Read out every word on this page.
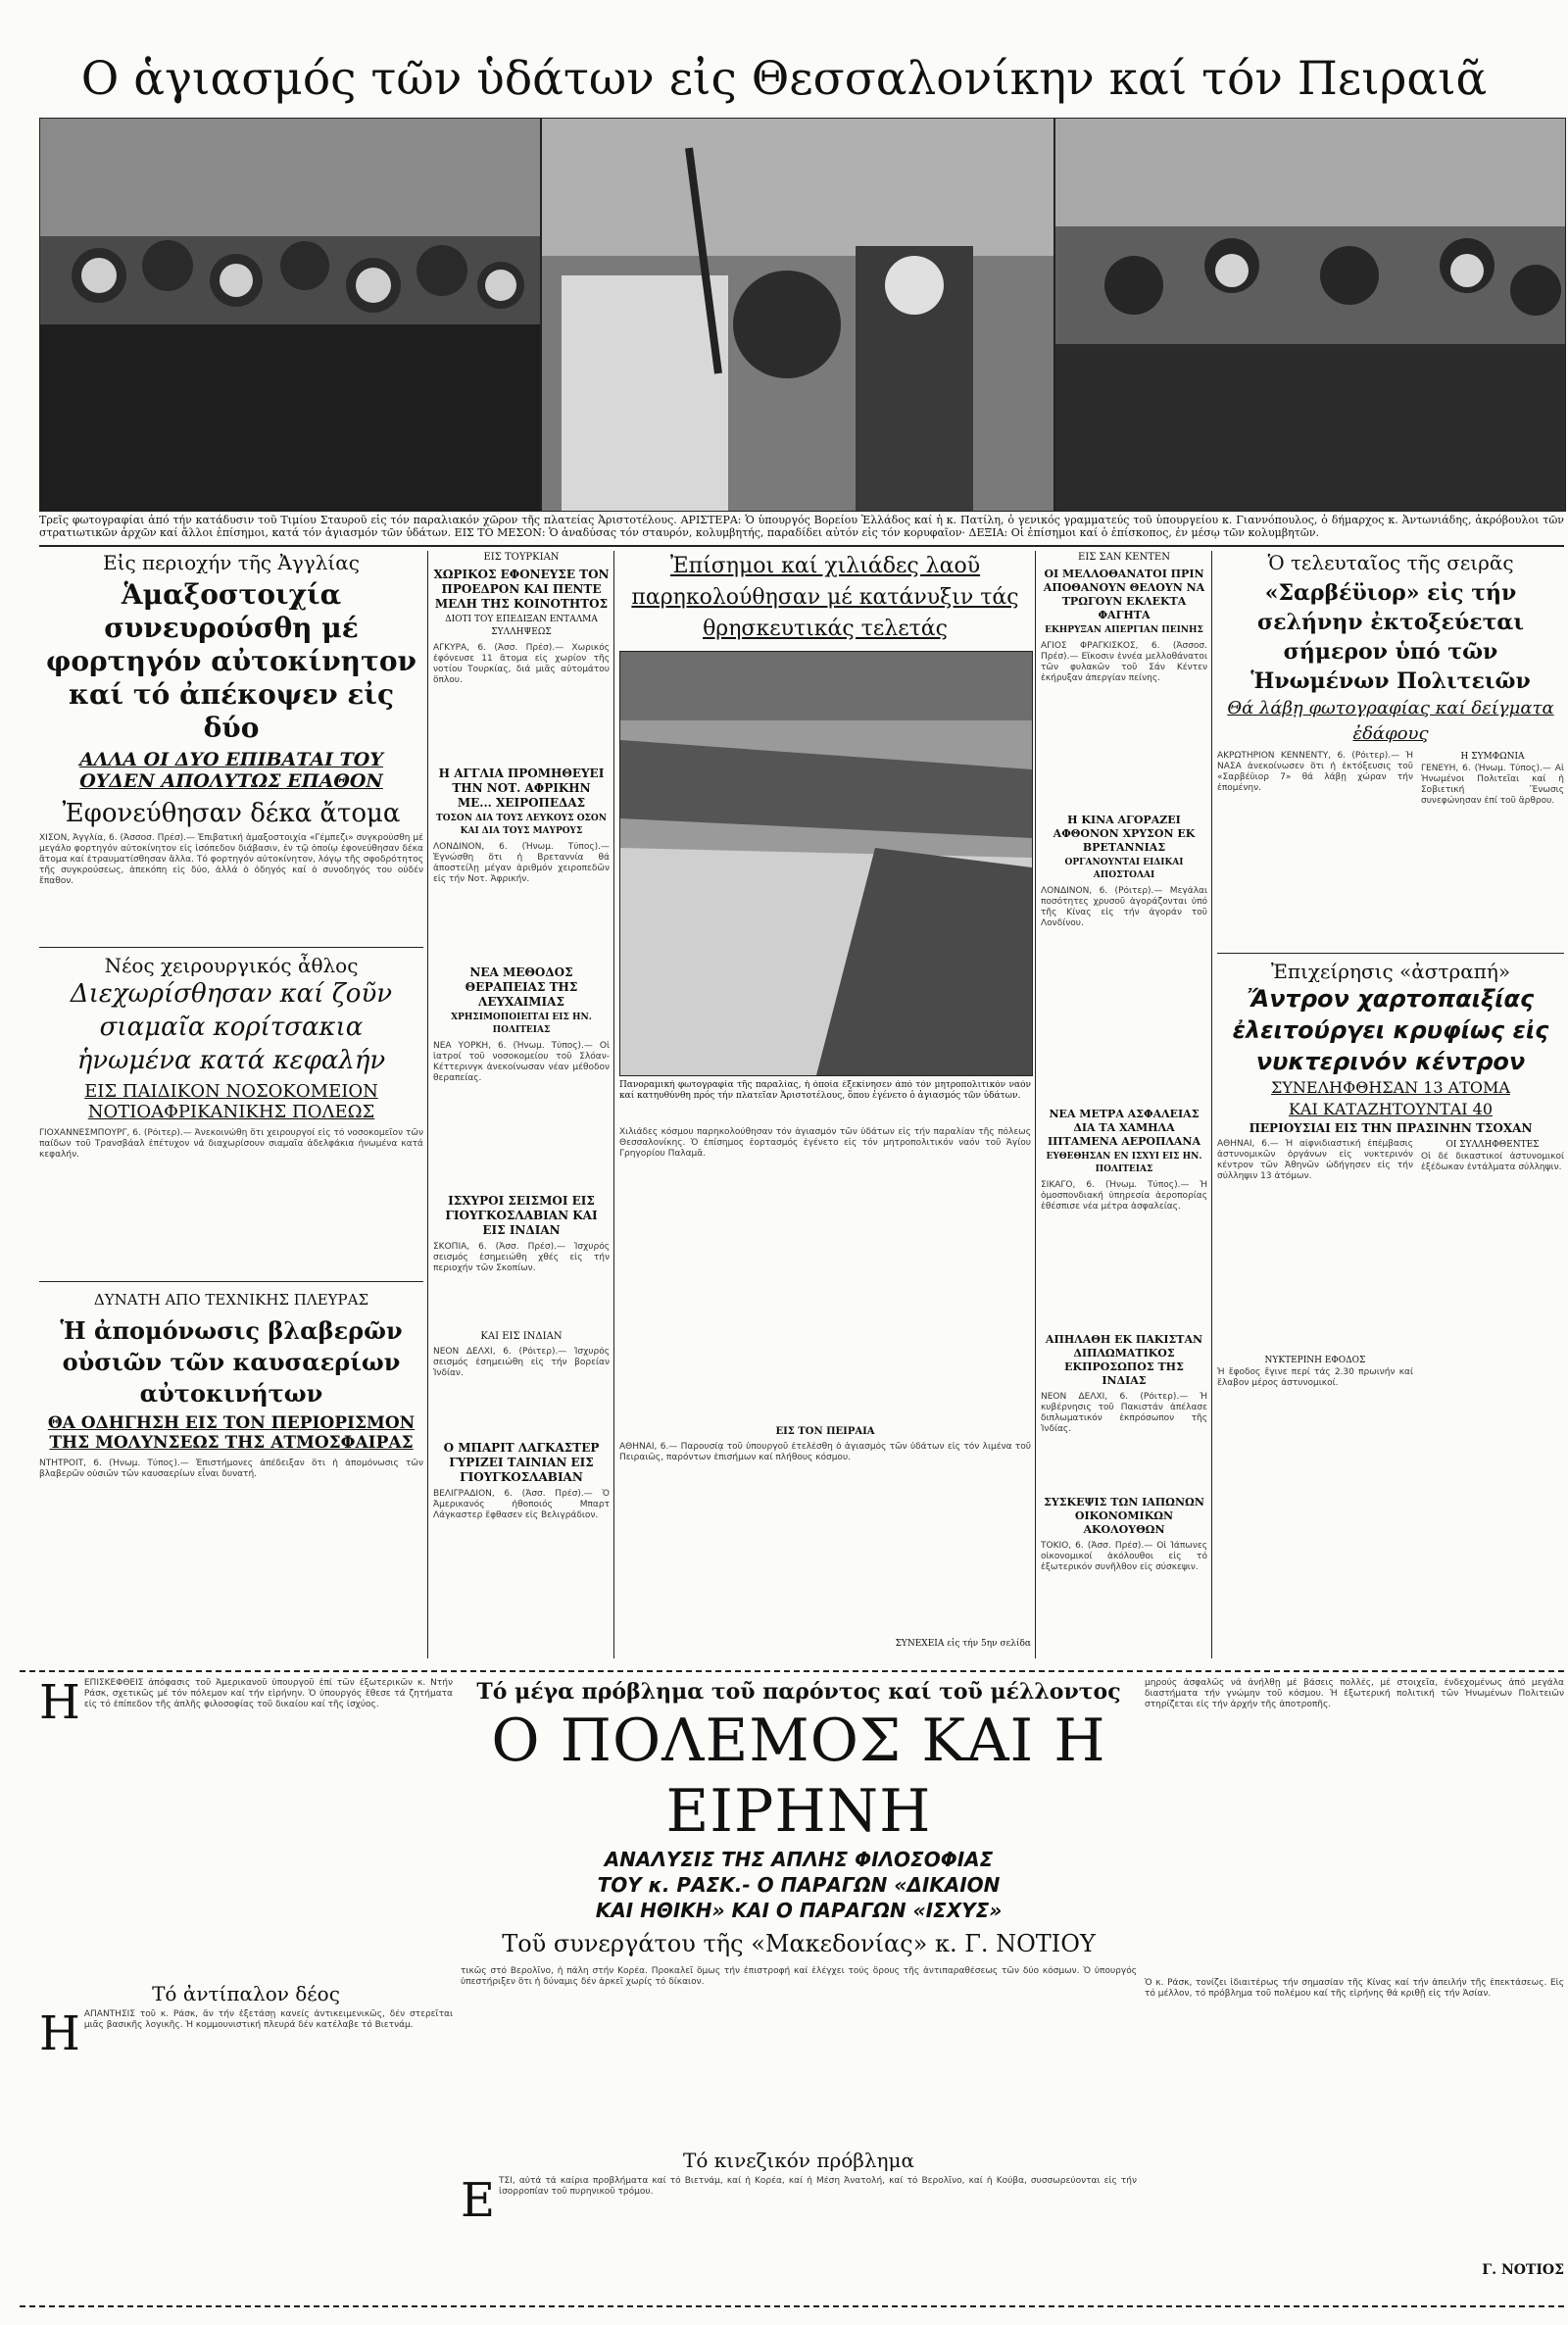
Ο ἁγιασμός τῶν ὑδάτων εἰς Θεσσαλονίκην καί τόν Πειραιᾶ
Τρεῖς φωτογραφίαι ἀπό τήν κατάδυσιν τοῦ Τιμίου Σταυροῦ εἰς τόν παραλιακόν χῶρον τῆς πλατείας Ἀριστοτέλους. ΑΡΙΣΤΕΡΑ: Ὁ ὑπουργός Βορείου Ἑλλάδος καί ἡ κ. Πατίλη, ὁ γενικός γραμματεύς τοῦ ὑπουργείου κ. Γιαννόπουλος, ὁ δήμαρχος κ. Ἀντωνιάδης, ἀκρόβουλοι τῶν στρατιωτικῶν ἀρχῶν καί ἄλλοι ἐπίσημοι, κατά τόν ἁγιασμόν τῶν ὑδάτων. ΕΙΣ ΤΟ ΜΕΣΟΝ: Ὁ ἀναδύσας τόν σταυρόν, κολυμβητής, παραδίδει αὐτόν εἰς τόν κορυφαῖον· ΔΕΞΙΑ: Οἱ ἐπίσημοι καί ὁ ἐπίσκοπος, ἐν μέσῳ τῶν κολυμβητῶν.
Εἰς περιοχήν τῆς Ἀγγλίας
Ἁμαξοστοιχία συνευρούσθη μέ φορτηγόν αὐτοκίνητον καί τό ἀπέκοψεν εἰς δύο
ΑΛΛΑ ΟΙ ΔΥΟ ΕΠΙΒΑΤΑΙ ΤΟΥ
ΟΥΔΕΝ ΑΠΟΛΥΤΩΣ ΕΠΑΘΟΝ
Ἐφονεύθησαν δέκα ἄτομα
ΧΙΣΟΝ, Ἀγγλία, 6. (Ἀσσοσ. Πρέσ).— Ἐπιβατική ἁμαξοστοιχία «Γέμπεζι» συγκρούσθη μέ μεγάλο φορτηγόν αὐτοκίνητον εἰς ἰσόπεδον διάβασιν, ἐν τῷ ὁποίῳ ἐφονεύθησαν δέκα ἄτομα καί ἐτραυματίσθησαν ἄλλα. Τό φορτηγόν αὐτοκίνητον, λόγῳ τῆς σφοδρότητος τῆς συγκρούσεως, ἀπεκόπη εἰς δύο, ἀλλά ὁ ὁδηγός καί ὁ συνοδηγός του οὐδέν ἔπαθον.
Νέος χειρουργικός ἆθλος
Διεχωρίσθησαν καί ζοῦν σιαμαῖα κορίτσακια ἡνωμένα κατά κεφαλήν
ΕΙΣ ΠΑΙΔΙΚΟΝ ΝΟΣΟΚΟΜΕΙΟΝ
ΝΟΤΙΟΑΦΡΙΚΑΝΙΚΗΣ ΠΟΛΕΩΣ
ΓΙΟΧΑΝΝΕΣΜΠΟΥΡΓ, 6. (Ρόιτερ).— Ἀνεκοινώθη ὅτι χειρουργοί εἰς τό νοσοκομεῖον τῶν παίδων τοῦ Τρανσβάαλ ἐπέτυχον νά διαχωρίσουν σιαμαῖα ἀδελφάκια ἡνωμένα κατά κεφαλήν.
ΔΥΝΑΤΗ ΑΠΟ ΤΕΧΝΙΚΗΣ ΠΛΕΥΡΑΣ
Ἡ ἀπομόνωσις βλαβερῶν οὐσιῶν τῶν καυσαερίων αὐτοκινήτων
ΘΑ ΟΔΗΓΗΣΗ ΕΙΣ ΤΟΝ ΠΕΡΙΟΡΙΣΜΟΝ
ΤΗΣ ΜΟΛΥΝΣΕΩΣ ΤΗΣ ΑΤΜΟΣΦΑΙΡΑΣ
ΝΤΗΤΡΟΙΤ, 6. (Ἡνωμ. Τύπος).— Ἐπιστήμονες ἀπέδειξαν ὅτι ἡ ἀπομόνωσις τῶν βλαβερῶν οὐσιῶν τῶν καυσαερίων εἶναι δυνατή.
ΕΙΣ ΤΟΥΡΚΙΑΝ
ΧΩΡΙΚΟΣ ΕΦΟΝΕΥΣΕ ΤΟΝ ΠΡΟΕΔΡΟΝ ΚΑΙ ΠΕΝΤΕ ΜΕΛΗ ΤΗΣ ΚΟΙΝΟΤΗΤΟΣ
ΔΙΟΤΙ ΤΟΥ ΕΠΕΔΙΞΑΝ ΕΝΤΑΛΜΑ ΣΥΛΛΗΨΕΩΣ
ΑΓΚΥΡΑ, 6. (Ἀσσ. Πρέσ).— Χωρικός ἐφόνευσε 11 ἄτομα εἰς χωρίον τῆς νοτίου Τουρκίας, διά μιᾶς αὐτομάτου ὅπλου.
Η ΑΓΓΛΙΑ ΠΡΟΜΗΘΕΥΕΙ ΤΗΝ ΝΟΤ. ΑΦΡΙΚΗΝ ΜΕ... ΧΕΙΡΟΠΕΔΑΣ
ΤΟΣΟΝ ΔΙΑ ΤΟΥΣ ΛΕΥΚΟΥΣ ΟΣΟΝ ΚΑΙ ΔΙΑ ΤΟΥΣ ΜΑΥΡΟΥΣ
ΛΟΝΔΙΝΟΝ, 6. (Ἡνωμ. Τύπος).— Ἐγνώσθη ὅτι ἡ Βρεταννία θά ἀποστείλῃ μέγαν ἀριθμόν χειροπεδῶν εἰς τήν Νοτ. Ἀφρικήν.
ΝΕΑ ΜΕΘΟΔΟΣ ΘΕΡΑΠΕΙΑΣ ΤΗΣ ΛΕΥΧΑΙΜΙΑΣ
ΧΡΗΣΙΜΟΠΟΙΕΙΤΑΙ ΕΙΣ ΗΝ. ΠΟΛΙΤΕΙΑΣ
ΝΕΑ ΥΟΡΚΗ, 6. (Ἡνωμ. Τύπος).— Οἱ ἰατροί τοῦ νοσοκομείου τοῦ Σλόαν-Κέττερινγκ ἀνεκοίνωσαν νέαν μέθοδον θεραπείας.
ΙΣΧΥΡΟΙ ΣΕΙΣΜΟΙ ΕΙΣ ΓΙΟΥΓΚΟΣΛΑΒΙΑΝ ΚΑΙ ΕΙΣ ΙΝΔΙΑΝ
ΣΚΟΠΙΑ, 6. (Ἀσσ. Πρέσ).— Ἰσχυρός σεισμός ἐσημειώθη χθές εἰς τήν περιοχήν τῶν Σκοπίων.
ΚΑΙ ΕΙΣ ΙΝΔΙΑΝ
ΝΕΟΝ ΔΕΛΧΙ, 6. (Ρόιτερ).— Ἰσχυρός σεισμός ἐσημειώθη εἰς τήν βορείαν Ἰνδίαν.
Ο ΜΠΑΡΙΤ ΛΑΓΚΑΣΤΕΡ ΓΥΡΙΖΕΙ ΤΑΙΝΙΑΝ ΕΙΣ ΓΙΟΥΓΚΟΣΛΑΒΙΑΝ
ΒΕΛΙΓΡΑΔΙΟΝ, 6. (Ἀσσ. Πρέσ).— Ὁ Ἀμερικανός ἠθοποιός Μπαρτ Λάγκαστερ ἔφθασεν εἰς Βελιγράδιον.
Ἐπίσημοι καί χιλιάδες λαοῦ παρηκολούθησαν μέ κατάνυξιν τάς θρησκευτικάς τελετάς
Πανοραμική φωτογραφία τῆς παραλίας, ἡ ὁποία ἐξεκίνησεν ἀπό τόν μητροπολιτικόν ναόν καί κατηυθύνθη πρός τήν πλατεῖαν Ἀριστοτέλους, ὅπου ἐγένετο ὁ ἁγιασμός τῶν ὑδάτων.
Χιλιάδες κόσμου παρηκολούθησαν τόν ἁγιασμόν τῶν ὑδάτων εἰς τήν παραλίαν τῆς πόλεως Θεσσαλονίκης. Ὁ ἐπίσημος ἑορτασμός ἐγένετο εἰς τόν μητροπολιτικόν ναόν τοῦ Ἁγίου Γρηγορίου Παλαμᾶ.
ΕΙΣ ΤΟΝ ΠΕΙΡΑΙΑ
ΑΘΗΝΑΙ, 6.— Παρουσίᾳ τοῦ ὑπουργοῦ ἐτελέσθη ὁ ἁγιασμός τῶν ὑδάτων εἰς τόν λιμένα τοῦ Πειραιῶς, παρόντων ἐπισήμων καί πλήθους κόσμου.
ΣΥΝΕΧΕΙΑ εἰς τήν 5ην σελίδα
ΕΙΣ ΣΑΝ ΚΕΝΤΕΝ
ΟΙ ΜΕΛΛΟΘΑΝΑΤΟΙ ΠΡΙΝ ΑΠΟΘΑΝΟΥΝ ΘΕΛΟΥΝ ΝΑ ΤΡΩΓΟΥΝ ΕΚΛΕΚΤΑ ΦΑΓΗΤΑ
ΕΚΗΡΥΞΑΝ ΑΠΕΡΓΙΑΝ ΠΕΙΝΗΣ
ΑΓΙΟΣ ΦΡΑΓΚΙΣΚΟΣ, 6. (Ἀσσοσ. Πρέσ).— Εἴκοσιν ἐννέα μελλοθάνατοι τῶν φυλακῶν τοῦ Σάν Κέντεν ἐκήρυξαν ἀπεργίαν πείνης.
Η ΚΙΝΑ ΑΓΟΡΑΖΕΙ ΑΦΘΟΝΟΝ ΧΡΥΣΟΝ ΕΚ ΒΡΕΤΑΝΝΙΑΣ
ΟΡΓΑΝΟΥΝΤΑΙ ΕΙΔΙΚΑΙ ΑΠΟΣΤΟΛΑΙ
ΛΟΝΔΙΝΟΝ, 6. (Ρόιτερ).— Μεγάλαι ποσότητες χρυσοῦ ἀγοράζονται ὑπό τῆς Κίνας εἰς τήν ἀγοράν τοῦ Λονδίνου.
ΝΕΑ ΜΕΤΡΑ ΑΣΦΑΛΕΙΑΣ ΔΙΑ ΤΑ ΧΑΜΗΛΑ ΙΠΤΑΜΕΝΑ ΑΕΡΟΠΛΑΝΑ
ΕΥΘΕΘΗΣΑΝ ΕΝ ΙΣΧΥΙ ΕΙΣ ΗΝ. ΠΟΛΙΤΕΙΑΣ
ΣΙΚΑΓΟ, 6. (Ἡνωμ. Τύπος).— Ἡ ὁμοσπονδιακή ὑπηρεσία ἀεροπορίας ἐθέσπισε νέα μέτρα ἀσφαλείας.
ΑΠΗΛΑΘΗ ΕΚ ΠΑΚΙΣΤΑΝ ΔΙΠΛΩΜΑΤΙΚΟΣ ΕΚΠΡΟΣΩΠΟΣ ΤΗΣ ΙΝΔΙΑΣ
ΝΕΟΝ ΔΕΛΧΙ, 6. (Ρόιτερ).— Ἡ κυβέρνησις τοῦ Πακιστάν ἀπέλασε διπλωματικόν ἐκπρόσωπον τῆς Ἰνδίας.
ΣΥΣΚΕΨΙΣ ΤΩΝ ΙΑΠΩΝΩΝ ΟΙΚΟΝΟΜΙΚΩΝ ΑΚΟΛΟΥΘΩΝ
ΤΟΚΙΟ, 6. (Ἀσσ. Πρέσ).— Οἱ Ἰάπωνες οἰκονομικοί ἀκόλουθοι εἰς τό ἐξωτερικόν συνῆλθον εἰς σύσκεψιν.
Ὁ τελευταῖος τῆς σειρᾶς
«Σαρβέϋιορ» εἰς τήν σελήνην ἐκτοξεύεται σήμερον ὑπό τῶν Ἡνωμένων Πολιτειῶν
Θά λάβῃ φωτογραφίας καί δείγματα ἐδάφους
ΑΚΡΩΤΗΡΙΟΝ ΚΕΝΝΕΝΤΥ, 6. (Ρόιτερ).— Ἡ ΝΑΣΑ ἀνεκοίνωσεν ὅτι ἡ ἐκτόξευσις τοῦ «Σαρβέϋιορ 7» θά λάβῃ χώραν τήν ἐπομένην.
Η ΣΥΜΦΩΝΙΑ
ΓΕΝΕΥΗ, 6. (Ἡνωμ. Τύπος).— Αἱ Ἡνωμένοι Πολιτεῖαι καί ἡ Σοβιετική Ἕνωσις συνεφώνησαν ἐπί τοῦ ἄρθρου.
Ἐπιχείρησις «ἀστραπή»
Ἄντρον χαρτοπαιξίας ἐλειτούργει κρυφίως εἰς νυκτερινόν κέντρον
ΣΥΝΕΛΗΦΘΗΣΑΝ 13 ΑΤΟΜΑ
ΚΑΙ ΚΑΤΑΖΗΤΟΥΝΤΑΙ 40
ΠΕΡΙΟΥΣΙΑΙ ΕΙΣ ΤΗΝ ΠΡΑΣΙΝΗΝ ΤΣΟΧΑΝ
ΑΘΗΝΑΙ, 6.— Ἡ αἰφνιδιαστική ἐπέμβασις ἀστυνομικῶν ὀργάνων εἰς νυκτερινόν κέντρον τῶν Ἀθηνῶν ὡδήγησεν εἰς τήν σύλληψιν 13 ἀτόμων.
ΝΥΚΤΕΡΙΝΗ ΕΦΟΔΟΣ
Ἡ ἔφοδος ἔγινε περί τάς 2.30 πρωινήν καί ἔλαβον μέρος ἀστυνομικοί.
ΟΙ ΣΥΛΛΗΦΘΕΝΤΕΣ
Οἱ δέ δικαστικοί ἀστυνομικοί ἐξέδωκαν ἐντάλματα σύλληψιν.
Η ΕΠΙΣΚΕΦΘΕΙΣ ἀπόφασις τοῦ Ἀμερικανοῦ ὑπουργοῦ ἐπί τῶν ἐξωτερικῶν κ. Ντήν Ράσκ, σχετικῶς μέ τόν πόλεμον καί τήν εἰρήνην. Ὁ ὑπουργός ἔθεσε τά ζητήματα εἰς τό ἐπίπεδον τῆς ἀπλῆς φιλοσοφίας τοῦ δικαίου καί τῆς ἰσχύος.
Τό ἀντίπαλον δέος
Η ΑΠΑΝΤΗΣΙΣ τοῦ κ. Ράσκ, ἄν τήν ἐξετάσῃ κανείς ἀντικειμενικῶς, δέν στερεῖται μιᾶς βασικῆς λογικῆς. Ἡ κομμουνιστική πλευρά δέν κατέλαβε τό Βιετνάμ.
Τό μέγα πρόβλημα τοῦ παρόντος καί τοῦ μέλλοντος
Ο ΠΟΛΕΜΟΣ ΚΑΙ Η ΕΙΡΗΝΗ
ΑΝΑΛΥΣΙΣ ΤΗΣ ΑΠΛΗΣ ΦΙΛΟΣΟΦΙΑΣ
ΤΟΥ κ. ΡΑΣΚ.- Ο ΠΑΡΑΓΩΝ «ΔΙΚΑΙΟΝ
ΚΑΙ ΗΘΙΚΗ» ΚΑΙ Ο ΠΑΡΑΓΩΝ «ΙΣΧΥΣ»
Τοῦ συνεργάτου τῆς «Μακεδονίας» κ. Γ. ΝΟΤΙΟΥ
τικῶς στό Βερολῖνο, ἡ πάλη στήν Κορέα. Προκαλεῖ ὅμως τήν ἐπιστροφή καί ἐλέγχει τούς ὅρους τῆς ἀντιπαραθέσεως τῶν δύο κόσμων. Ὁ ὑπουργός ὑπεστήριξεν ὅτι ἡ δύναμις δέν ἀρκεῖ χωρίς τό δίκαιον.
Τό κινεζικόν πρόβλημα
Ε ΤΣΙ, αὐτά τά καίρια προβλήματα καί τό Βιετνάμ, καί ἡ Κορέα, καί ἡ Μέση Ἀνατολή, καί τό Βερολῖνο, καί ἡ Κούβα, συσσωρεύονται εἰς τήν ἰσορροπίαν τοῦ πυρηνικοῦ τρόμου.
μηρούς ἀσφαλῶς νά ἀνήλθῃ μέ βάσεις πολλές, μέ στοιχεῖα, ἐνδεχομένως ἀπό μεγάλα διαστήματα τήν γνώμην τοῦ κόσμου. Ἡ ἐξωτερική πολιτική τῶν Ἡνωμένων Πολιτειῶν στηρίζεται εἰς τήν ἀρχήν τῆς ἀποτροπῆς.
Ὁ κ. Ράσκ, τονίζει ἰδιαιτέρως τήν σημασίαν τῆς Κίνας καί τήν ἀπειλήν τῆς ἐπεκτάσεως. Εἰς τό μέλλον, τό πρόβλημα τοῦ πολέμου καί τῆς εἰρήνης θά κριθῇ εἰς τήν Ἀσίαν.
Γ. ΝΟΤΙΟΣ
